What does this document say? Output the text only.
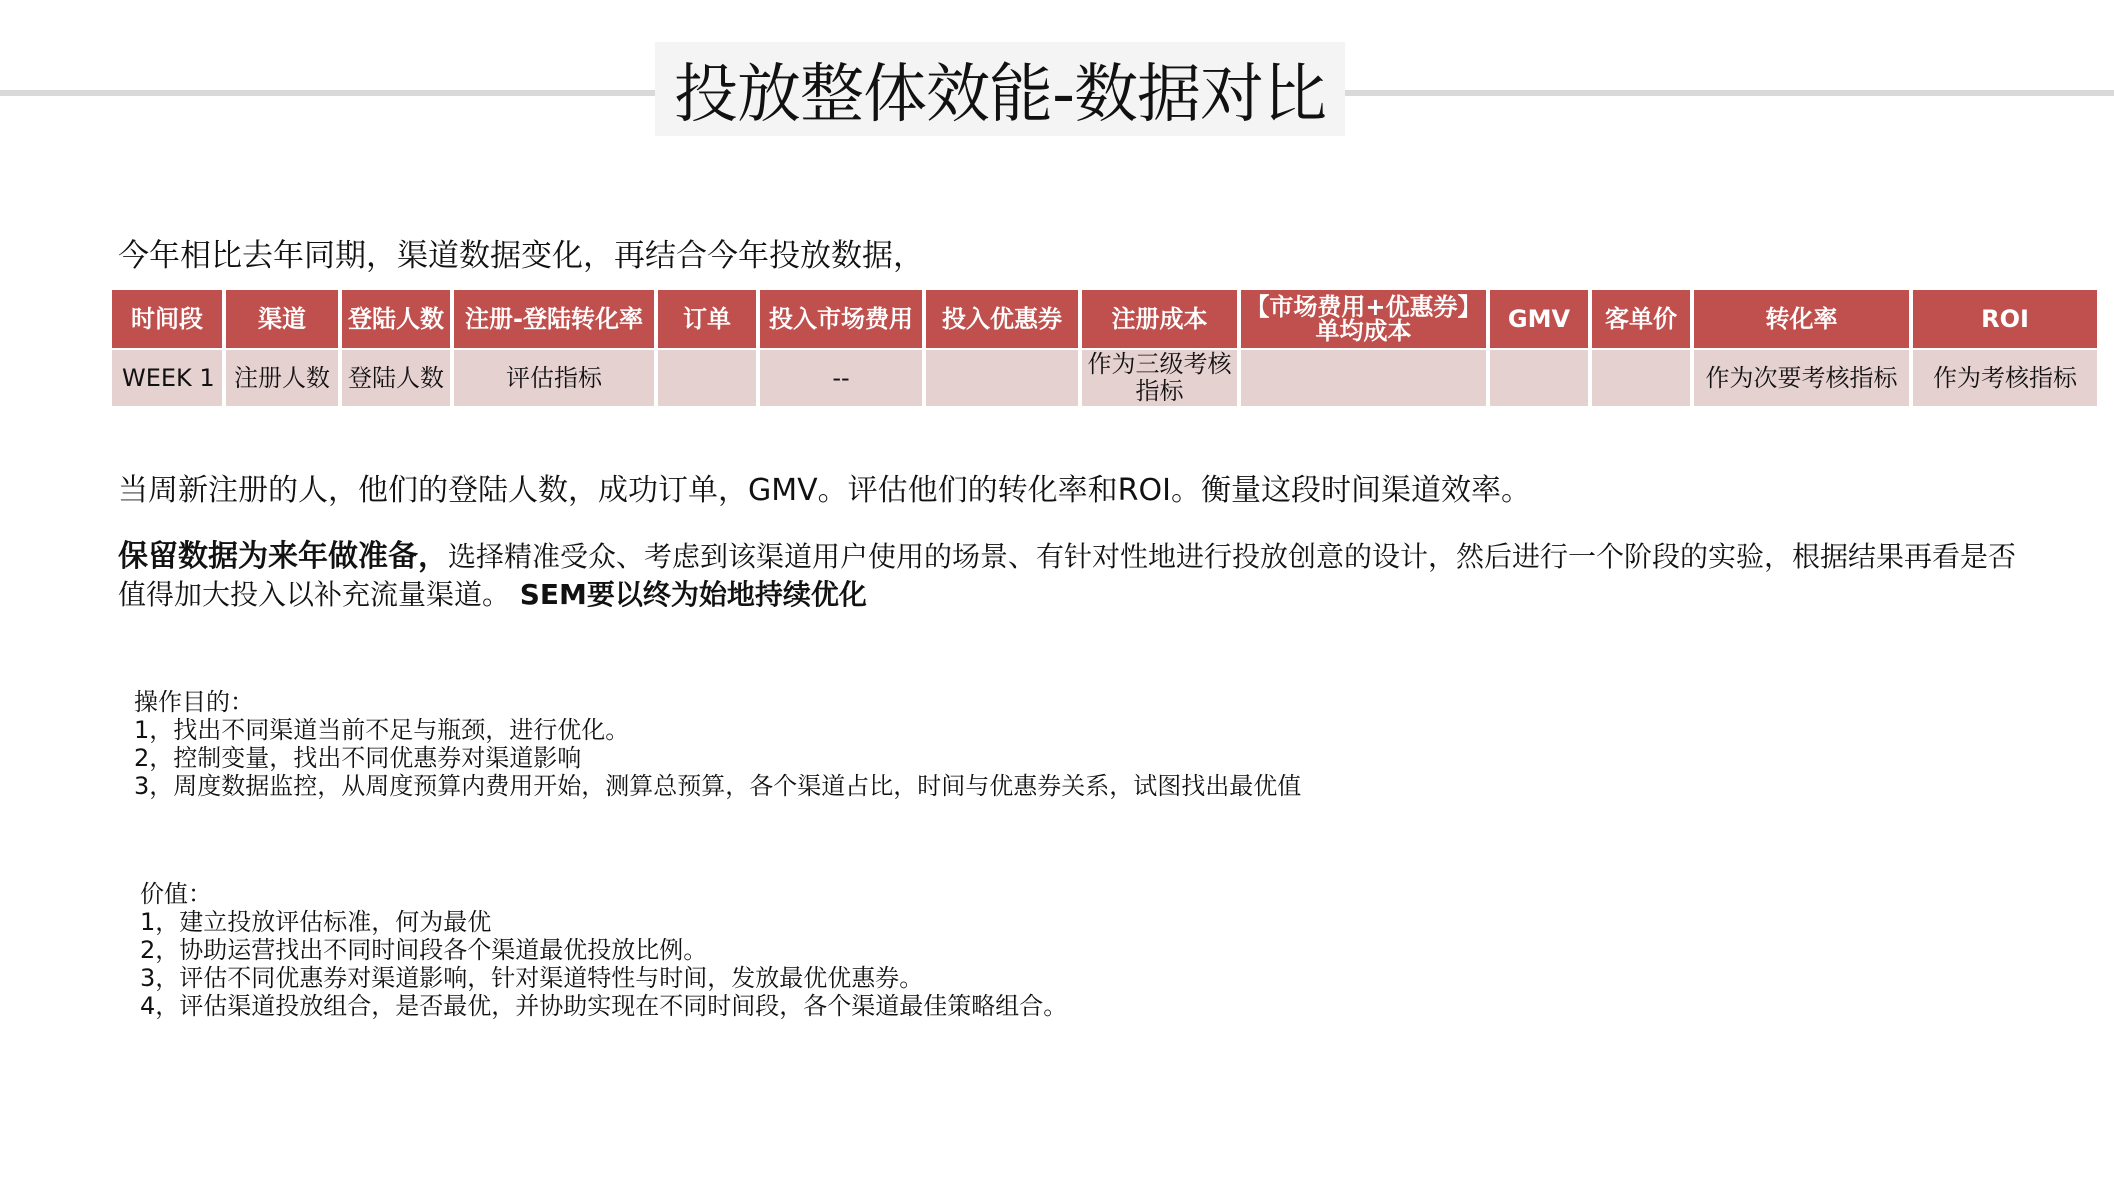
投放整体效能-数据对比
今年相比去年同期，渠道数据变化，再结合今年投放数据，
时间段	渠道	登陆人数	注册-登陆转化率	订单	投入市场费用	投入优惠券	注册成本	【市场费用+优惠券】单均成本	GMV	客单价	转化率	ROI
WEEK 1	注册人数	登陆人数	评估指标		--		作为三级考核指标				作为次要考核指标	作为考核指标
当周新注册的人，他们的登陆人数，成功订单，GMV。评估他们的转化率和ROI。衡量这段时间渠道效率。
保留数据为来年做准备，选择精准受众、考虑到该渠道用户使用的场景、有针对性地进行投放创意的设计，然后进行一个阶段的实验，根据结果再看是否值得加大投入以补充流量渠道。 SEM要以终为始地持续优化
操作目的：
1，找出不同渠道当前不足与瓶颈，进行优化。
2，控制变量，找出不同优惠券对渠道影响
3，周度数据监控，从周度预算内费用开始，测算总预算，各个渠道占比，时间与优惠券关系，试图找出最优值
价值：
1，建立投放评估标准，何为最优
2，协助运营找出不同时间段各个渠道最优投放比例。
3，评估不同优惠券对渠道影响，针对渠道特性与时间，发放最优优惠券。
4，评估渠道投放组合，是否最优，并协助实现在不同时间段，各个渠道最佳策略组合。
